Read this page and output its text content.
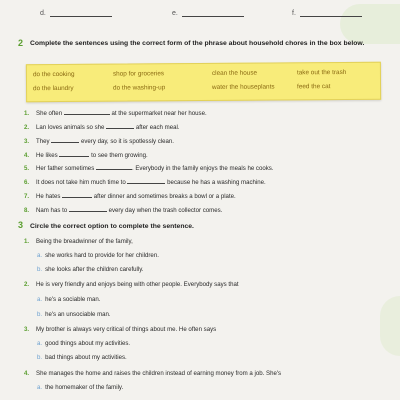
d.	e.	f.
2 Complete the sentences using the correct form of the phrase about household chores in the box below.
do the cooking	shop for groceries	clean the house	take out the trash
do the laundry	do the washing-up	water the houseplants	feed the cat
1. She often	at the supermarket near her house.
2. Lan loves animals so she	after each meal.
3. They	every day, so it is spotlessly clean.
4. He likes	to see them growing.
5. Her father sometimes	. Everybody in the family enjoys the meals he cooks.
6. It does not take him much time to	because he has a washing machine.
7. He hates	after dinner and sometimes breaks a bowl or a plate.
8. Nam has to	every day when the trash collector comes.
3 Circle the correct option to complete the sentence.
1. Being the breadwinner of the family,
a. she works hard to provide for her children.
b. she looks after the children carefully.
2. He is very friendly and enjoys being with other people. Everybody says that
a. he's a sociable man.
b. he's an unsociable man.
3. My brother is always very critical of things about me. He often says
a. good things about my activities.
b. bad things about my activities.
4. She manages the home and raises the children instead of earning money from a job. She's
a. the homemaker of the family.
